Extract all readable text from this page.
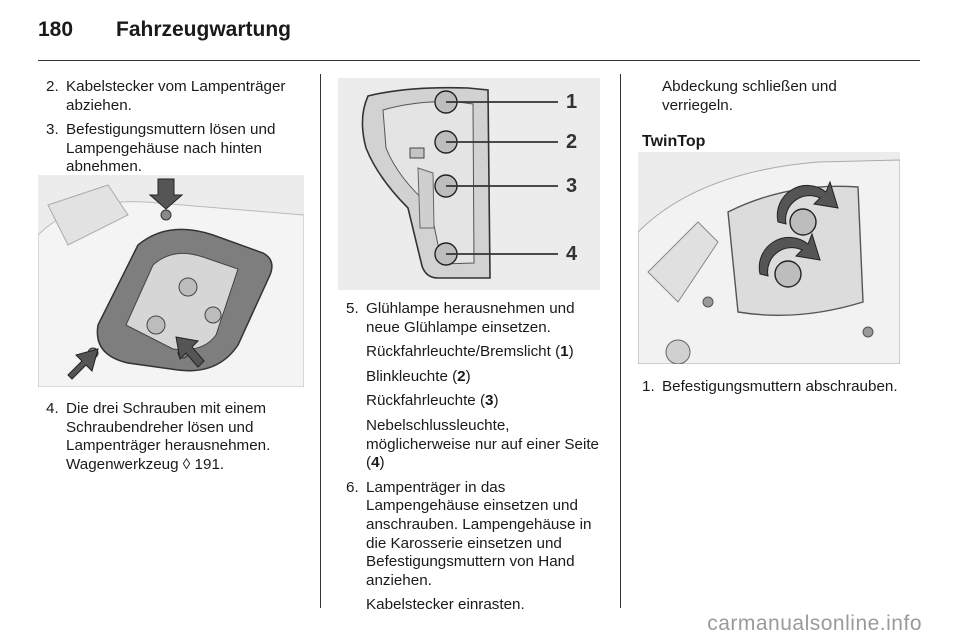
180	Fahrzeugwartung
2. Kabelstecker vom Lampenträger abziehen.
3. Befestigungsmuttern lösen und Lampengehäuse nach hinten abnehmen.
4. Die drei Schrauben mit einem Schraubendreher lösen und Lampenträger herausnehmen. Wagenwerkzeug ◊ 191.
1
2
3
4
5. Glühlampe herausnehmen und neue Glühlampe einsetzen.
Rückfahrleuchte/Bremslicht (1)
Blinkleuchte (2)
Rückfahrleuchte (3)
Nebelschlussleuchte, möglicherweise nur auf einer Seite (4)
6. Lampenträger in das Lampengehäuse einsetzen und anschrauben. Lampengehäuse in die Karosserie einsetzen und Befestigungsmuttern von Hand anziehen.
Kabelstecker einrasten.
Abdeckung schließen und verriegeln.
TwinTop
1. Befestigungsmuttern abschrauben.
carmanualsonline.info
